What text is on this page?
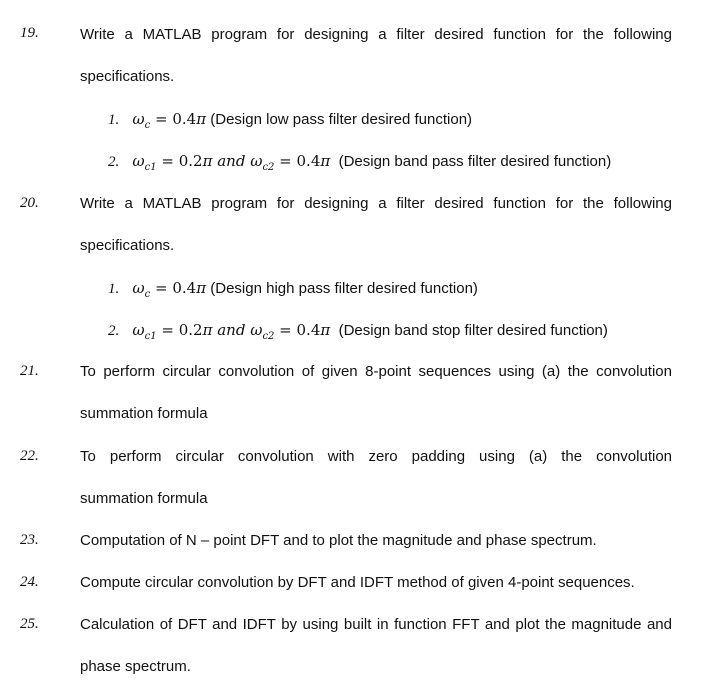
19.	Write a MATLAB program for designing a filter desired function for the following
specifications.
1. $\omega_c = 0.4\pi$ (Design low pass filter desired function)
2. $\omega_{c1} = 0.2\pi$ and $\omega_{c2} = 0.4\pi$ (Design band pass filter desired function)
20.	Write a MATLAB program for designing a filter desired function for the following
specifications.
1. $\omega_c = 0.4\pi$ (Design high pass filter desired function)
2. $\omega_{c1} = 0.2\pi$ and $\omega_{c2} = 0.4\pi$ (Design band stop filter desired function)
21.	To perform circular convolution of given 8-point sequences using (a) the convolution
summation formula
22.	To perform circular convolution with zero padding using (a) the convolution
summation formula
23.	Computation of N – point DFT and to plot the magnitude and phase spectrum.
24.	Compute circular convolution by DFT and IDFT method of given 4-point sequences.
25.	Calculation of DFT and IDFT by using built in function FFT and plot the magnitude and
phase spectrum.
